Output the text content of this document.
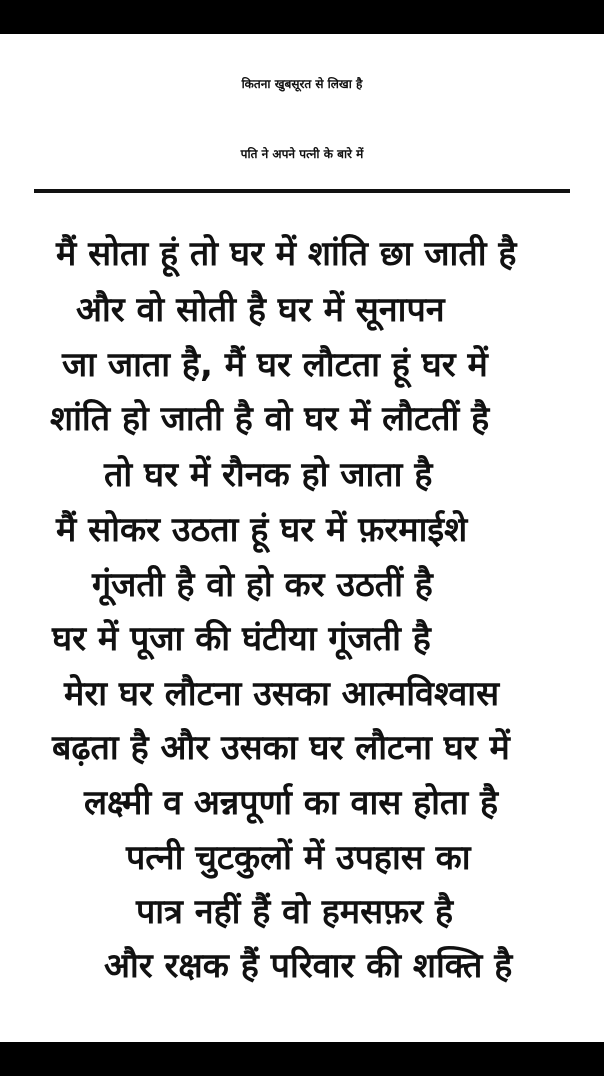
कितना खुबसूरत से लिखा है
पति ने अपने पत्नी के बारे में
मैं सोता हूं तो घर में शांति छा जाती है
और वो सोती है घर में सूनापन
जा जाता है, मैं घर लौटता हूं घर में
शांति हो जाती है वो घर में लौटतीं है
तो घर में रौनक हो जाता है
मैं सोकर उठता हूं घर में फ़रमाईशे
गूंजती है वो हो कर उठतीं है
घर में पूजा की घंटीया गूंजती है
मेरा घर लौटना उसका आत्मविश्वास
बढ़ता है और उसका घर लौटना घर में
लक्ष्मी व अन्नपूर्णा का वास होता है
पत्नी चुटकुलों में उपहास का
पात्र नहीं हैं वो हमसफ़र है
और रक्षक हैं परिवार की शक्ति है
